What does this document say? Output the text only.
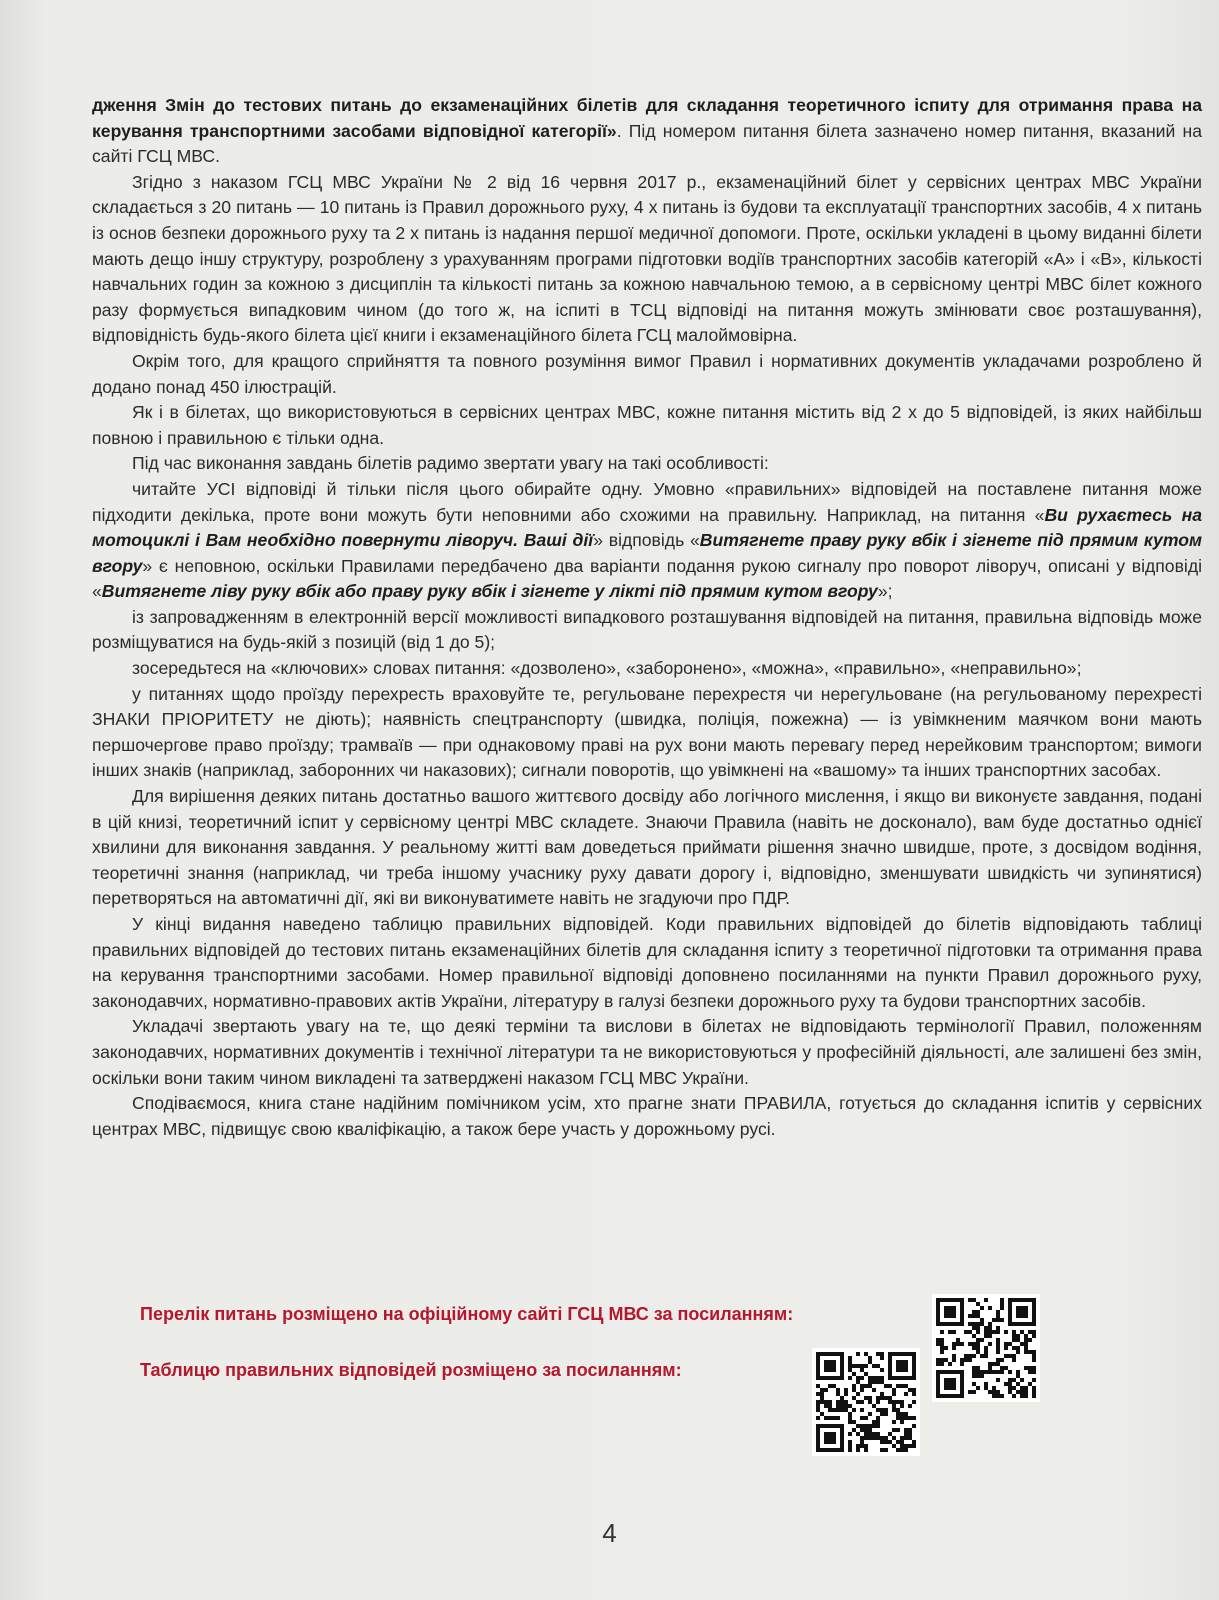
дження Змін до тестових питань до екзаменаційних білетів для складання теоретичного іспиту для отримання права на керування транспортними засобами відповідної категорії». Під номером питання білета зазначено номер питання, вказаний на сайті ГСЦ МВС.

Згідно з наказом ГСЦ МВС України № 2 від 16 червня 2017 р., екзаменаційний білет у сервісних центрах МВС України складається з 20 питань — 10 питань із Правил дорожнього руху, 4 х питань із будови та експлуатації транспортних засобів, 4 х питань із основ безпеки дорожнього руху та 2 х питань із надання першої медичної допомоги. Проте, оскільки укладені в цьому виданні білети мають дещо іншу структуру, розроблену з урахуванням програми підготовки водіїв транспортних засобів категорій «А» і «В», кількості навчальних годин за кожною з дисциплін та кількості питань за кожною навчальною темою, а в сервісному центрі МВС білет кожного разу формується випадковим чином (до того ж, на іспиті в ТСЦ відповіді на питання можуть змінювати своє розташування), відповідність будь-якого білета цієї книги і екзаменаційного білета ГСЦ малоймовірна.

Окрім того, для кращого сприйняття та повного розуміння вимог Правил і нормативних документів укладачами розроблено й додано понад 450 ілюстрацій.

Як і в білетах, що використовуються в сервісних центрах МВС, кожне питання містить від 2 х до 5 відповідей, із яких найбільш повною і правильною є тільки одна.

Під час виконання завдань білетів радимо звертати увагу на такі особливості:

читайте УСІ відповіді й тільки після цього обирайте одну. Умовно «правильних» відповідей на поставлене питання може підходити декілька, проте вони можуть бути неповними або схожими на правильну. Наприклад, на питання «Ви рухаєтесь на мотоциклі і Вам необхідно повернути ліворуч. Ваші дії» відповідь «Витягнете праву руку вбік і зігнете під прямим кутом вгору» є неповною, оскільки Правилами передбачено два варіанти подання рукою сигналу про поворот ліворуч, описані у відповіді «Витягнете ліву руку вбік або праву руку вбік і зігнете у лікті під прямим кутом вгору»;

із запровадженням в електронній версії можливості випадкового розташування відповідей на питання, правильна відповідь може розміщуватися на будь-якій з позицій (від 1 до 5);

зосередьтеся на «ключових» словах питання: «дозволено», «заборонено», «можна», «правильно», «неправильно»;

у питаннях щодо проїзду перехресть враховуйте те, регульоване перехрестя чи нерегульоване (на регульованому перехресті ЗНАКИ ПРІОРИТЕТУ не діють); наявність спецтранспорту (швидка, поліція, пожежна) — із увімкненим маячком вони мають першочергове право проїзду; трамваїв — при однаковому праві на рух вони мають перевагу перед нерейковим транспортом; вимоги інших знаків (наприклад, заборонних чи наказових); сигнали поворотів, що увімкнені на «вашому» та інших транспортних засобах.

Для вирішення деяких питань достатньо вашого життєвого досвіду або логічного мислення, і якщо ви виконуєте завдання, подані в цій книзі, теоретичний іспит у сервісному центрі МВС складете. Знаючи Правила (навіть не досконало), вам буде достатньо однієї хвилини для виконання завдання. У реальному житті вам доведеться приймати рішення значно швидше, проте, з досвідом водіння, теоретичні знання (наприклад, чи треба іншому учаснику руху давати дорогу і, відповідно, зменшувати швидкість чи зупинятися) перетворяться на автоматичні дії, які ви виконуватимете навіть не згадуючи про ПДР.

У кінці видання наведено таблицю правильних відповідей. Коди правильних відповідей до білетів відповідають таблиці правильних відповідей до тестових питань екзаменаційних білетів для складання іспиту з теоретичної підготовки та отримання права на керування транспортними засобами. Номер правильної відповіді доповнено посиланнями на пункти Правил дорожнього руху, законодавчих, нормативно-правових актів України, літературу в галузі безпеки дорожнього руху та будови транспортних засобів.

Укладачі звертають увагу на те, що деякі терміни та вислови в білетах не відповідають термінології Правил, положенням законодавчих, нормативних документів і технічної літератури та не використовуються у професійній діяльності, але залишені без змін, оскільки вони таким чином викладені та затверджені наказом ГСЦ МВС України.

Сподіваємося, книга стане надійним помічником усім, хто прагне знати ПРАВИЛА, готується до складання іспитів у сервісних центрах МВС, підвищує свою кваліфікацію, а також бере участь у дорожньому русі.

Перелік питань розміщено на офіційному сайті ГСЦ МВС за посиланням:
Таблицю правильних відповідей розміщено за посиланням:
4
